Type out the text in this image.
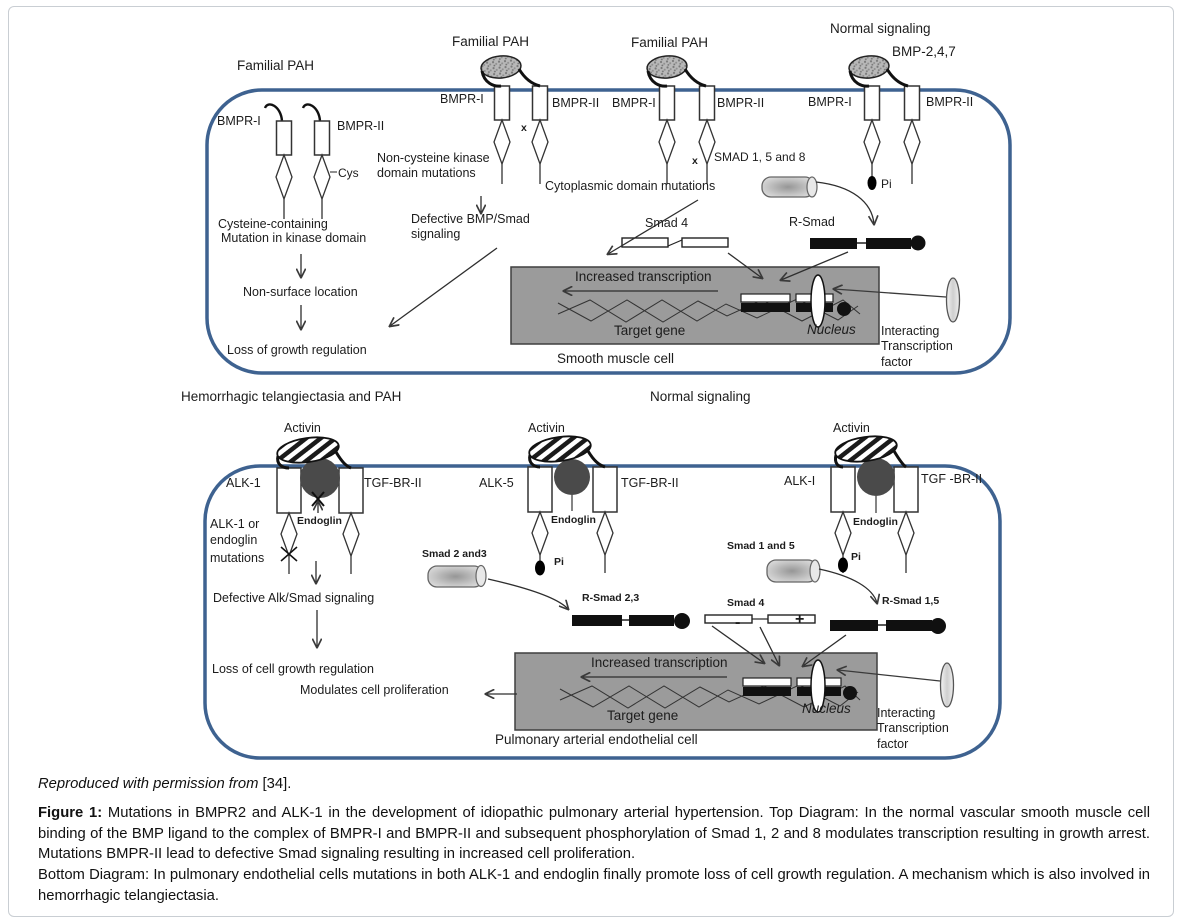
Familial PAH
Familial PAH	Familial PAH
Normal signaling
BMP-2,4,7
BMPR-I	BMPR-II
Cys
BMPR-I	BMPR-II
x
BMPR-I	BMPR-II
x SMAD 1, 5 and 8
BMPR-I	BMPR-II
Pi
Non-cysteine kinase
domain mutations
Cytoplasmic domain mutations
Defective BMP/Smad
signaling
Cysteine-containing
Mutation in kinase domain
Non-surface location
Loss of growth regulation
Smad 4	R-Smad
Increased transcription
Target gene	Nucleus
Smooth muscle cell
Interacting
Transcription
factor
Hemorrhagic telangiectasia and PAH	Normal signaling
Activin	Activin	Activin
ALK-1	TGF-BR-II	ALK-5	TGF-BR-II	ALK-I	TGF -BR-II
Endoglin	Endoglin	Endoglin
ALK-1 or
endoglin
mutations
Defective Alk/Smad signaling
Loss of cell growth regulation
Modulates cell proliferation
Smad 2 and3
R-Smad 2,3
Smad 1 and 5
R-Smad 1,5
Smad 4
-	+
Pi	Pi
Increased transcription
Target gene	Nucleus
Pulmonary arterial endothelial cell
Interacting
Transcription
factor
Reproduced with permission from [34].
Figure 1: Mutations in BMPR2 and ALK-1 in the development of idiopathic pulmonary arterial hypertension. Top Diagram: In the normal vascular smooth muscle cell binding of the BMP ligand to the complex of BMPR-I and BMPR-II and subsequent phosphorylation of Smad 1, 2 and 8 modulates transcription resulting in growth arrest. Mutations BMPR-II lead to defective Smad signaling resulting in increased cell proliferation.
Bottom Diagram: In pulmonary endothelial cells mutations in both ALK-1 and endoglin finally promote loss of cell growth regulation. A mechanism which is also involved in hemorrhagic telangiectasia.
